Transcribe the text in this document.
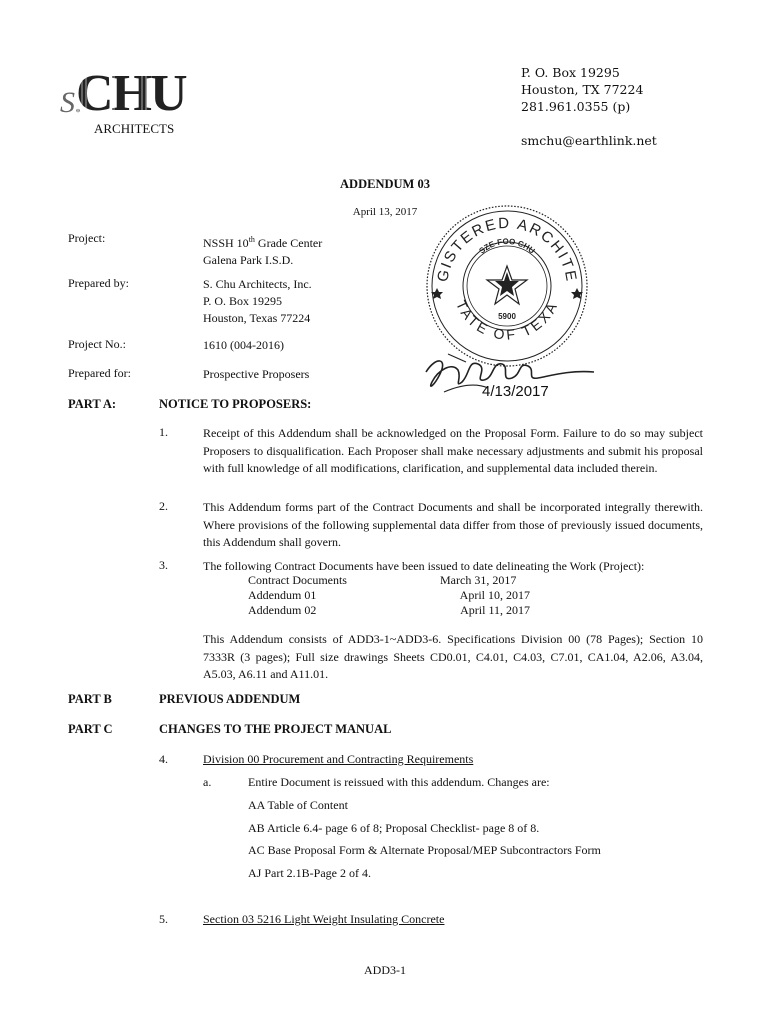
CHU
S.
ARCHITECTS
P. O. Box 19295
Houston, TX 77224
281.961.0355 (p)
smchu@earthlink.net
ADDENDUM 03
April 13, 2017
Project:	NSSH 10th Grade Center
Galena Park I.S.D.
Prepared by:	S. Chu Architects, Inc.
P. O. Box 19295
Houston, Texas 77224
Project No.:	1610 (004-2016)
Prepared for:	Prospective Proposers
GISTERED ARCHITE
TATE OF TEXA
SZE-FOO CHU
5900
4/13/2017
PART A:	NOTICE TO PROPOSERS:
1.	Receipt of this Addendum shall be acknowledged on the Proposal Form. Failure to do so may subject Proposers to disqualification. Each Proposer shall make necessary adjustments and submit his proposal with full knowledge of all modifications, clarification, and supplemental data included therein.
2.	This Addendum forms part of the Contract Documents and shall be incorporated integrally therewith. Where provisions of the following supplemental data differ from those of previously issued documents, this Addendum shall govern.
3.	The following Contract Documents have been issued to date delineating the Work (Project):
Contract Documents	March 31, 2017
Addendum 01	April 10, 2017
Addendum 02	April 11, 2017
This Addendum consists of ADD3-1~ADD3-6. Specifications Division 00 (78 Pages); Section 10 7333R (3 pages); Full size drawings Sheets CD0.01, C4.01, C4.03, C7.01, CA1.04, A2.06, A3.04, A5.03, A6.11 and A11.01.
PART B	PREVIOUS ADDENDUM
PART C	CHANGES TO THE PROJECT MANUAL
4.	Division 00 Procurement and Contracting Requirements
a.	Entire Document is reissued with this addendum. Changes are:
AA Table of Content
AB Article 6.4- page 6 of 8; Proposal Checklist- page 8 of 8.
AC Base Proposal Form & Alternate Proposal/MEP Subcontractors Form
AJ Part 2.1B-Page 2 of 4.
5.	Section 03 5216 Light Weight Insulating Concrete
ADD3-1
